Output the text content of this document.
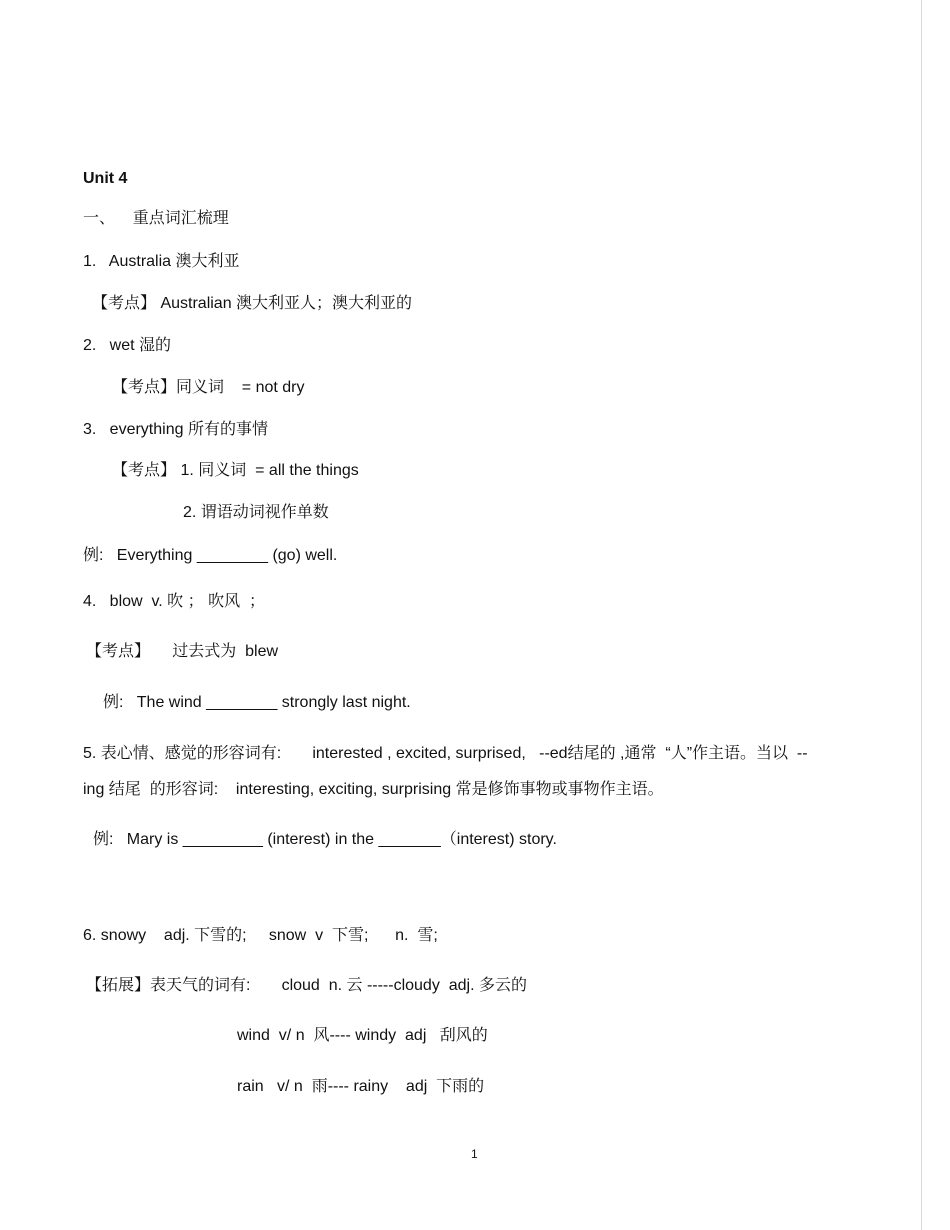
Unit 4
一、    重点词汇梳理
1.   Australia 澳大利亚
【考点】 Australian 澳大利亚人；澳大利亚的
2.   wet 湿的
【考点】同义词    = not dry
3.   everything 所有的事情
【考点】 1. 同义词  = all the things
2. 谓语动词视作单数
例:   Everything ________ (go) well.
4.   blow  v. 吹 ； 吹风  ；
【考点】     过去式为  blew
例:   The wind ________ strongly last night.
5. 表心情、感觉的形容词有:       interested , excited, surprised,   --ed结尾的 ,通常  “人”作主语。当以  --
ing 结尾  的形容词:    interesting, exciting, surprising 常是修饰事物或事物作主语。
例:   Mary is _________ (interest) in the _______（interest) story.
6. snowy    adj. 下雪的;     snow  v  下雪;      n.  雪;
【拓展】表天气的词有:       cloud  n. 云 -----cloudy  adj. 多云的
wind  v/ n  风---- windy  adj   刮风的
rain   v/ n  雨---- rainy    adj  下雨的
1
